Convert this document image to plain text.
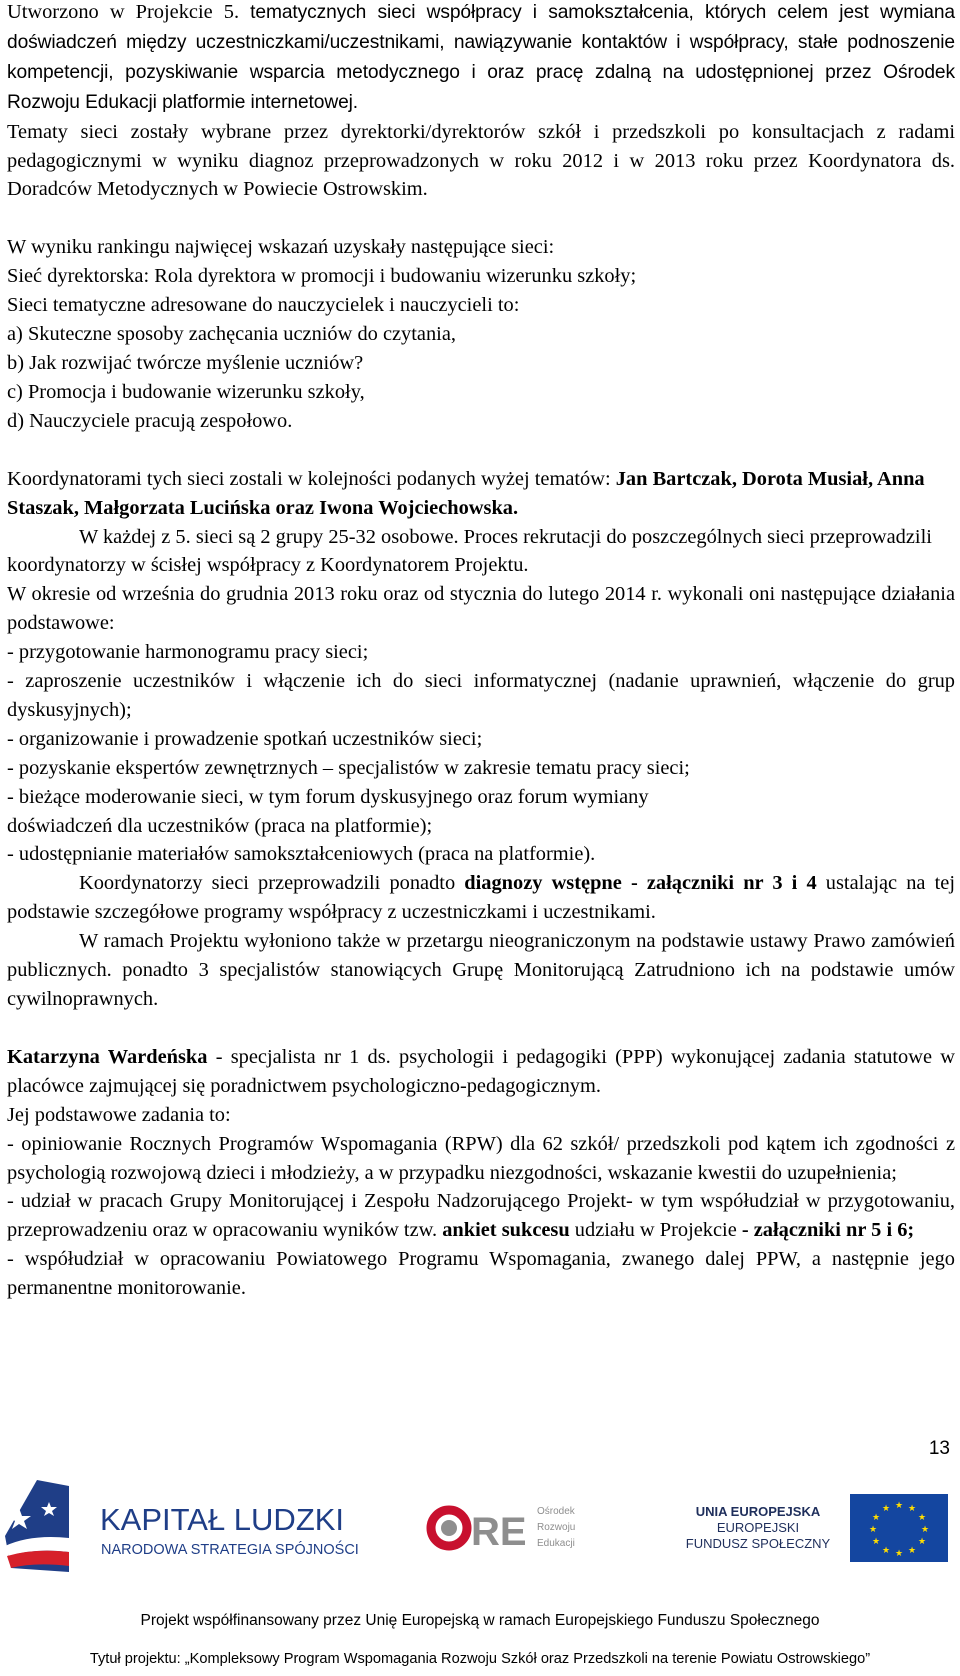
Utworzono w Projekcie 5. tematycznych sieci współpracy i samokształcenia, których celem jest wymiana doświadczeń między uczestniczkami/uczestnikami, nawiązywanie kontaktów i współpracy, stałe podnoszenie kompetencji, pozyskiwanie wsparcia metodycznego i oraz pracę zdalną na udostępnionej przez Ośrodek Rozwoju Edukacji platformie internetowej.

Tematy sieci zostały wybrane przez dyrektorki/dyrektorów szkół i przedszkoli po konsultacjach z radami pedagogicznymi w wyniku diagnoz przeprowadzonych w roku 2012 i w 2013 roku przez Koordynatora ds. Doradców Metodycznych w Powiecie Ostrowskim.

W wyniku rankingu najwięcej wskazań uzyskały następujące sieci:

Sieć dyrektorska: Rola dyrektora w promocji i budowaniu wizerunku szkoły;

Sieci tematyczne adresowane do nauczycielek i nauczycieli to:

a) Skuteczne sposoby zachęcania uczniów do czytania,

b) Jak rozwijać twórcze myślenie uczniów?

c) Promocja i budowanie wizerunku szkoły,

d) Nauczyciele pracują zespołowo.

Koordynatorami tych sieci zostali w kolejności podanych wyżej tematów: Jan Bartczak, Dorota Musiał, Anna Staszak, Małgorzata Lucińska oraz Iwona Wojciechowska.

W każdej z 5. sieci są 2 grupy 25-32 osobowe. Proces rekrutacji do poszczególnych sieci przeprowadzili koordynatorzy w ścisłej współpracy z Koordynatorem Projektu.

W okresie od września do grudnia 2013 roku oraz od stycznia do lutego 2014 r. wykonali oni następujące działania podstawowe:

- przygotowanie harmonogramu pracy sieci;

- zaproszenie uczestników i włączenie ich do sieci informatycznej (nadanie uprawnień, włączenie do grup dyskusyjnych);

- organizowanie i prowadzenie spotkań uczestników sieci;

- pozyskanie ekspertów zewnętrznych – specjalistów w zakresie tematu pracy sieci;

- bieżące moderowanie sieci, w tym forum dyskusyjnego oraz forum wymiany

doświadczeń dla uczestników (praca na platformie);

- udostępnianie materiałów samokształceniowych (praca na platformie).

Koordynatorzy sieci przeprowadzili ponadto diagnozy wstępne - załączniki nr 3 i 4 ustalając na tej podstawie szczegółowe programy współpracy z uczestniczkami i uczestnikami.

W ramach Projektu wyłoniono także w przetargu nieograniczonym na podstawie ustawy Prawo zamówień publicznych. ponadto 3 specjalistów stanowiących Grupę Monitorującą Zatrudniono ich na podstawie umów cywilnoprawnych.

Katarzyna Wardeńska - specjalista nr 1 ds. psychologii i pedagogiki (PPP) wykonującej zadania statutowe w placówce zajmującej się poradnictwem psychologiczno-pedagogicznym.

Jej podstawowe zadania to:

- opiniowanie Rocznych Programów Wspomagania (RPW) dla 62 szkół/ przedszkoli pod kątem ich zgodności z psychologią rozwojową dzieci i młodzieży, a w przypadku niezgodności, wskazanie kwestii do uzupełnienia;

- udział w pracach Grupy Monitorującej i Zespołu Nadzorującego Projekt- w tym współudział w przygotowaniu, przeprowadzeniu oraz w opracowaniu wyników tzw. ankiet sukcesu udziału w Projekcie - załączniki nr 5 i 6;

- współudział w opracowaniu Powiatowego Programu Wspomagania, zwanego dalej PPW, a następnie jego permanentne monitorowanie.

13
KAPITAŁ LUDZKI
NARODOWA STRATEGIA SPÓJNOŚCI	RE Ośrodek
Rozwoju
Edukacji
UNIA EUROPEJSKA
EUROPEJSKI
FUNDUSZ SPOŁECZNY
★ ★
★
★
★
★
★
★
★
★
★
★
Projekt współfinansowany przez Unię Europejską w ramach Europejskiego Funduszu Społecznego
Tytuł projektu: „Kompleksowy Program Wspomagania Rozwoju Szkół oraz Przedszkoli na terenie Powiatu Ostrowskiego”
